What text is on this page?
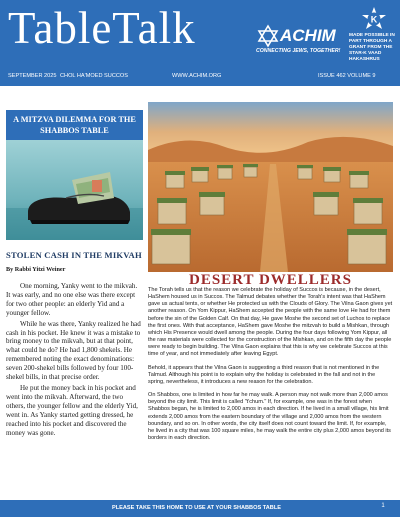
TableTalk	ACHIM
CONNECTING JEWS, TOGETHER!
K
MADE POSSIBLE IN PART THROUGH A GRANT FROM THE STAR-K VAAD HAKASHRUS
SEPTEMBER 2025 CHOL HA'MOED SUCCOS	WWW.ACHIM.ORG	ISSUE 462 VOLUME 9
A MITZVA DILEMMA FOR THE SHABBOS TABLE
STOLEN CASH IN THE MIKVAH
By Rabbi Yitzi Weiner

One morning, Yanky went to the mikvah. It was early, and no one else was there except for two other people: an elderly Yid and a younger fellow.

While he was there, Yanky realized he had cash in his pocket. He knew it was a mistake to bring money to the mikvah, but at that point, what could he do? He had 1,800 shekels. He remembered noting the exact denominations: seven 200-shekel bills followed by four 100-shekel bills, in that precise order.

He put the money back in his pocket and went into the mikvah. Afterward, the two others, the younger fellow and the elderly Yid, went in. As Yanky started getting dressed, he reached into his pocket and discovered the money was gone.

DESERT DWELLERS

The Torah tells us that the reason we celebrate the holiday of Succos is because, in the desert, HaShem housed us in Succos. The Talmud debates whether the Torah's intent was that HaShem gave us actual tents, or whether He protected us with the Clouds of Glory. The Vilna Gaon gives yet another reason. On Yom Kippur, HaShem accepted the people with the same love He had for them before the sin of the Golden Calf. On that day, He gave Moshe the second set of Luchos to replace the first ones. With that acceptance, HaShem gave Moshe the mitzvah to build a Mishkan, through which His Presence would dwell among the people. During the four days following Yom Kippur, all the raw materials were collected for the construction of the Mishkan, and on the fifth day the people were ready to begin building. The Vilna Gaon explains that this is why we celebrate Succos at this time of year, and not immediately after leaving Egypt.

Behold, it appears that the Vilna Gaon is suggesting a third reason that is not mentioned in the Talmud. Although his point is to explain why the holiday is celebrated in the fall and not in the spring, nevertheless, it introduces a new reason for the celebration.

On Shabbos, one is limited in how far he may walk. A person may not walk more than 2,000 amos beyond the city limit. This limit is called "t'chum." If, for example, one was in the forest when Shabbos began, he is limited to 2,000 amos in each direction. If he lived in a small village, his limit extends 2,000 amos from the eastern boundary of the village and 2,000 amos from the western boundary, and so on. In other words, the city itself does not count toward the limit. If, for example, he lived in a city that was 100 square miles, he may walk the entire city plus 2,000 amos beyond its borders in each direction.

PLEASE TAKE THIS HOME TO USE AT YOUR SHABBOS TABLE	1
